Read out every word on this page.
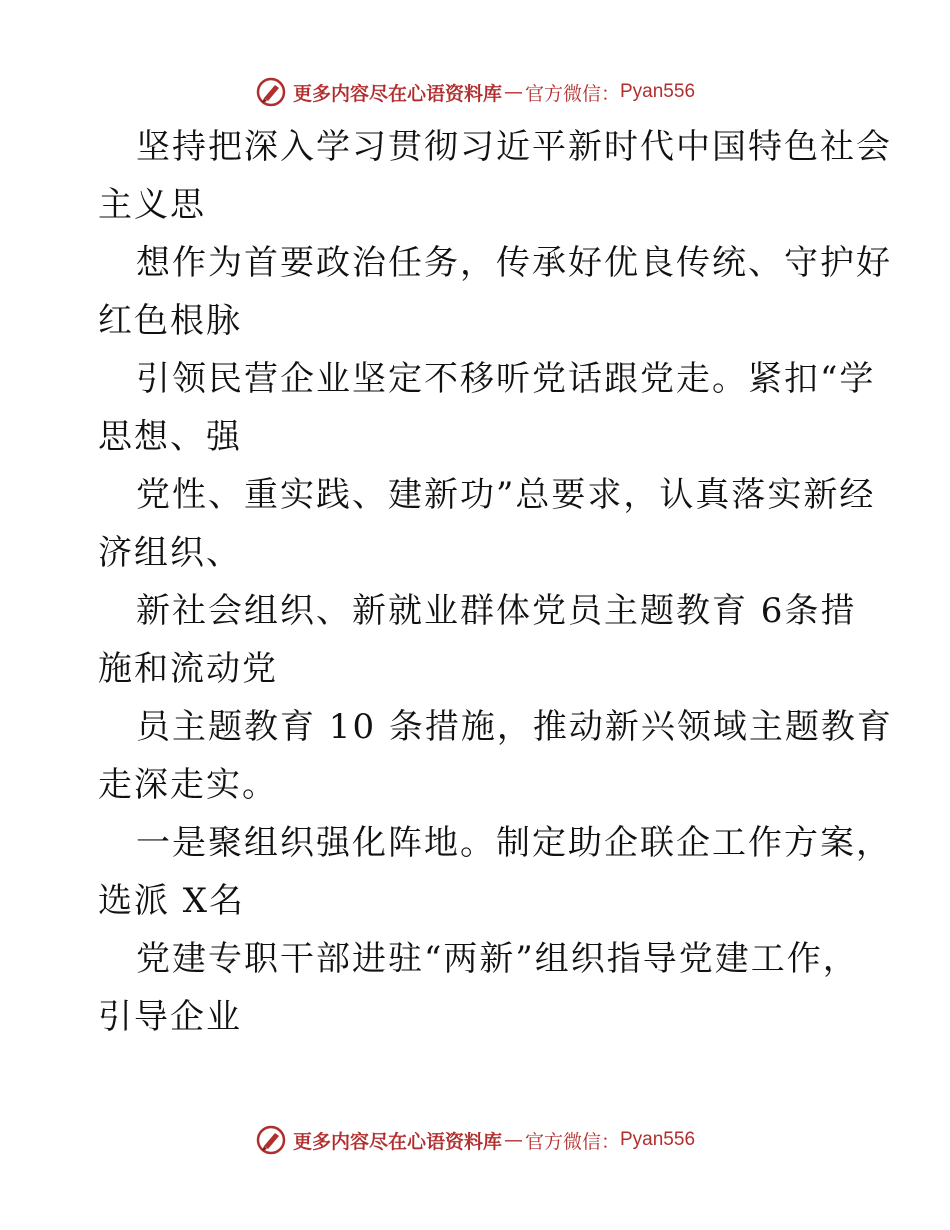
更多内容尽在心语资料库 — 官方微信： Pyan556
坚持把深入学习贯彻习近平新时代中国特色社会
主义思
想作为首要政治任务，传承好优良传统、守护好
红色根脉
引领民营企业坚定不移听党话跟党走。紧扣“学
思想、强
党性、重实践、建新功”总要求，认真落实新经
济组织、
新社会组织、新就业群体党员主题教育 6条措
施和流动党
员主题教育 10 条措施，推动新兴领域主题教育
走深走实。
一是聚组织强化阵地。制定助企联企工作方案，
选派 X名
党建专职干部进驻“两新”组织指导党建工作，
引导企业
更多内容尽在心语资料库 — 官方微信： Pyan556
